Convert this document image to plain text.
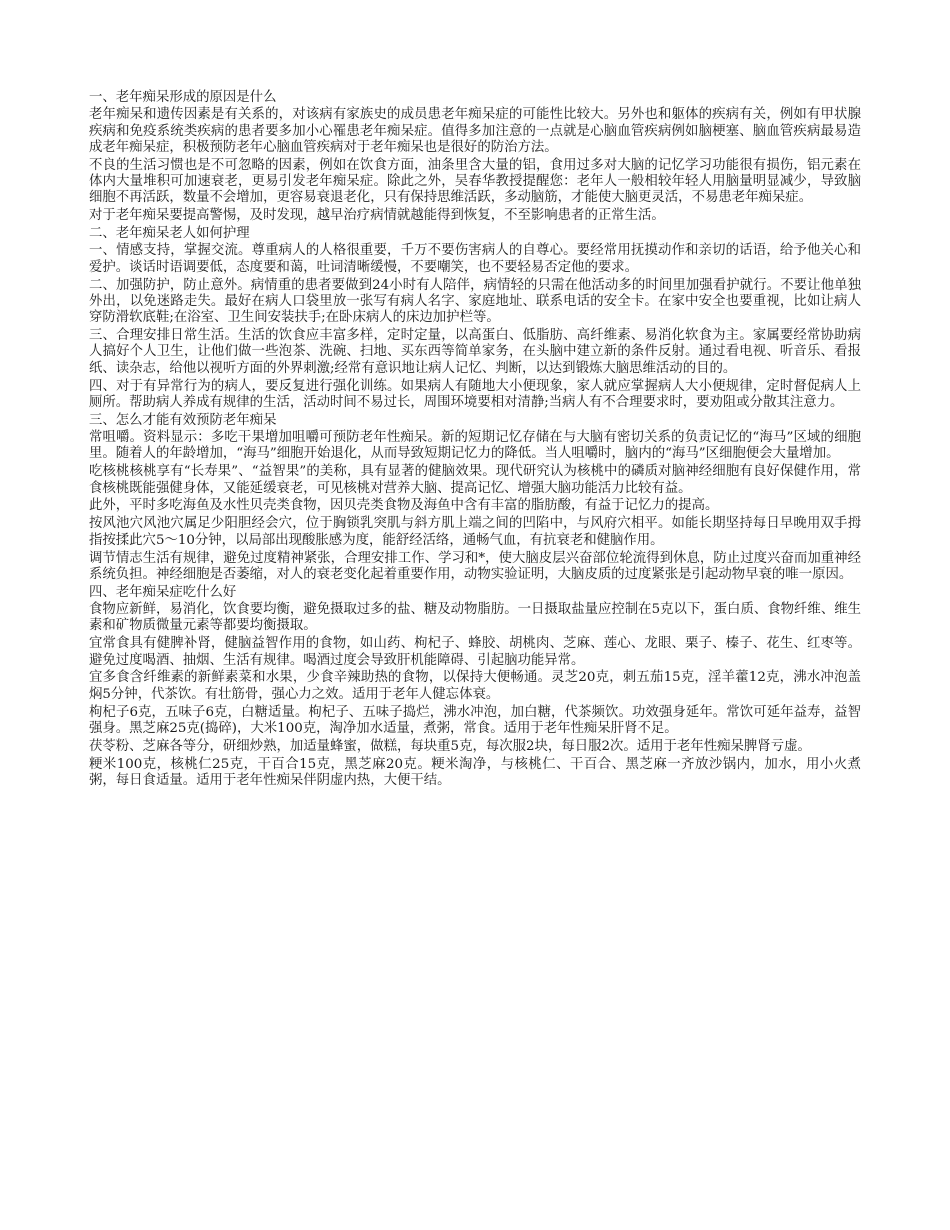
一、老年痴呆形成的原因是什么

老年痴呆和遗传因素是有关系的，对该病有家族史的成员患老年痴呆症的可能性比较大。另外也和躯体的疾病有关，例如有甲状腺疾病和免疫系统类疾病的患者要多加小心罹患老年痴呆症。值得多加注意的一点就是心脑血管疾病例如脑梗塞、脑血管疾病最易造成老年痴呆症，积极预防老年心脑血管疾病对于老年痴呆也是很好的防治方法。

不良的生活习惯也是不可忽略的因素，例如在饮食方面，油条里含大量的铝，食用过多对大脑的记忆学习功能很有损伤，铝元素在体内大量堆积可加速衰老，更易引发老年痴呆症。除此之外，吴春华教授提醒您：老年人一般相较年轻人用脑量明显减少，导致脑细胞不再活跃，数量不会增加，更容易衰退老化，只有保持思维活跃，多动脑筋，才能使大脑更灵活，不易患老年痴呆症。

对于老年痴呆要提高警惕，及时发现，越早治疗病情就越能得到恢复，不至影响患者的正常生活。

二、老年痴呆老人如何护理

一、情感支持，掌握交流。尊重病人的人格很重要，千万不要伤害病人的自尊心。要经常用抚摸动作和亲切的话语，给予他关心和爱护。谈话时语调要低，态度要和蔼，吐词清晰缓慢，不要嘲笑，也不要轻易否定他的要求。

二、加强防护，防止意外。病情重的患者要做到24小时有人陪伴，病情轻的只需在他活动多的时间里加强看护就行。不要让他单独外出，以免迷路走失。最好在病人口袋里放一张写有病人名字、家庭地址、联系电话的安全卡。在家中安全也要重视，比如让病人穿防滑软底鞋;在浴室、卫生间安装扶手;在卧床病人的床边加护栏等。

三、合理安排日常生活。生活的饮食应丰富多样，定时定量，以高蛋白、低脂肪、高纤维素、易消化软食为主。家属要经常协助病人搞好个人卫生，让他们做一些泡茶、洗碗、扫地、买东西等简单家务，在头脑中建立新的条件反射。通过看电视、听音乐、看报纸、读杂志，给他以视听方面的外界刺激;经常有意识地让病人记忆、判断，以达到锻炼大脑思维活动的目的。

四、对于有异常行为的病人，要反复进行强化训练。如果病人有随地大小便现象，家人就应掌握病人大小便规律，定时督促病人上厕所。帮助病人养成有规律的生活，活动时间不易过长，周围环境要相对清静;当病人有不合理要求时，要劝阻或分散其注意力。

三、怎么才能有效预防老年痴呆

常咀嚼。资料显示：多吃干果增加咀嚼可预防老年性痴呆。新的短期记忆存储在与大脑有密切关系的负责记忆的“海马”区域的细胞里。随着人的年龄增加，“海马”细胞开始退化，从而导致短期记忆力的降低。当人咀嚼时，脑内的“海马”区细胞便会大量增加。

吃核桃核桃享有“长寿果”、“益智果”的美称，具有显著的健脑效果。现代研究认为核桃中的磷质对脑神经细胞有良好保健作用，常食核桃既能强健身体，又能延缓衰老，可见核桃对营养大脑、提高记忆、增强大脑功能活力比较有益。

此外，平时多吃海鱼及水性贝壳类食物，因贝壳类食物及海鱼中含有丰富的脂肪酸，有益于记忆力的提高。

按风池穴风池穴属足少阳胆经会穴，位于胸锁乳突肌与斜方肌上端之间的凹陷中，与风府穴相平。如能长期坚持每日早晚用双手拇指按揉此穴5～10分钟，以局部出现酸胀感为度，能舒经活络，通畅气血，有抗衰老和健脑作用。

调节情志生活有规律，避免过度精神紧张，合理安排工作、学习和*，使大脑皮层兴奋部位轮流得到休息，防止过度兴奋而加重神经系统负担。神经细胞是否萎缩，对人的衰老变化起着重要作用，动物实验证明，大脑皮质的过度紧张是引起动物早衰的唯一原因。

四、老年痴呆症吃什么好

食物应新鲜，易消化，饮食要均衡，避免摄取过多的盐、糖及动物脂肪。一日摄取盐量应控制在5克以下，蛋白质、食物纤维、维生素和矿物质微量元素等都要均衡摄取。

宜常食具有健脾补肾，健脑益智作用的食物，如山药、枸杞子、蜂胶、胡桃肉、芝麻、莲心、龙眼、栗子、榛子、花生、红枣等。避免过度喝酒、抽烟、生活有规律。喝酒过度会导致肝机能障碍、引起脑功能异常。

宜多食含纤维素的新鲜素菜和水果，少食辛辣助热的食物，以保持大便畅通。灵芝20克，刺五茄15克，淫羊藿12克，沸水冲泡盖焖5分钟，代茶饮。有壮筋骨，强心力之效。适用于老年人健忘体衰。

枸杞子6克，五味子6克，白糖适量。枸杞子、五味子捣烂，沸水冲泡，加白糖，代茶频饮。功效强身延年。常饮可延年益寿，益智强身。黑芝麻25克(捣碎)，大米100克，淘净加水适量，煮粥，常食。适用于老年性痴呆肝肾不足。

茯苓粉、芝麻各等分，研细炒熟，加适量蜂蜜，做糕，每块重5克，每次服2块，每日服2次。适用于老年性痴呆脾肾亏虚。

粳米100克，核桃仁25克，干百合15克，黑芝麻20克。粳米淘净，与核桃仁、干百合、黑芝麻一齐放沙锅内，加水，用小火煮粥，每日食适量。适用于老年性痴呆伴阴虚内热，大便干结。
